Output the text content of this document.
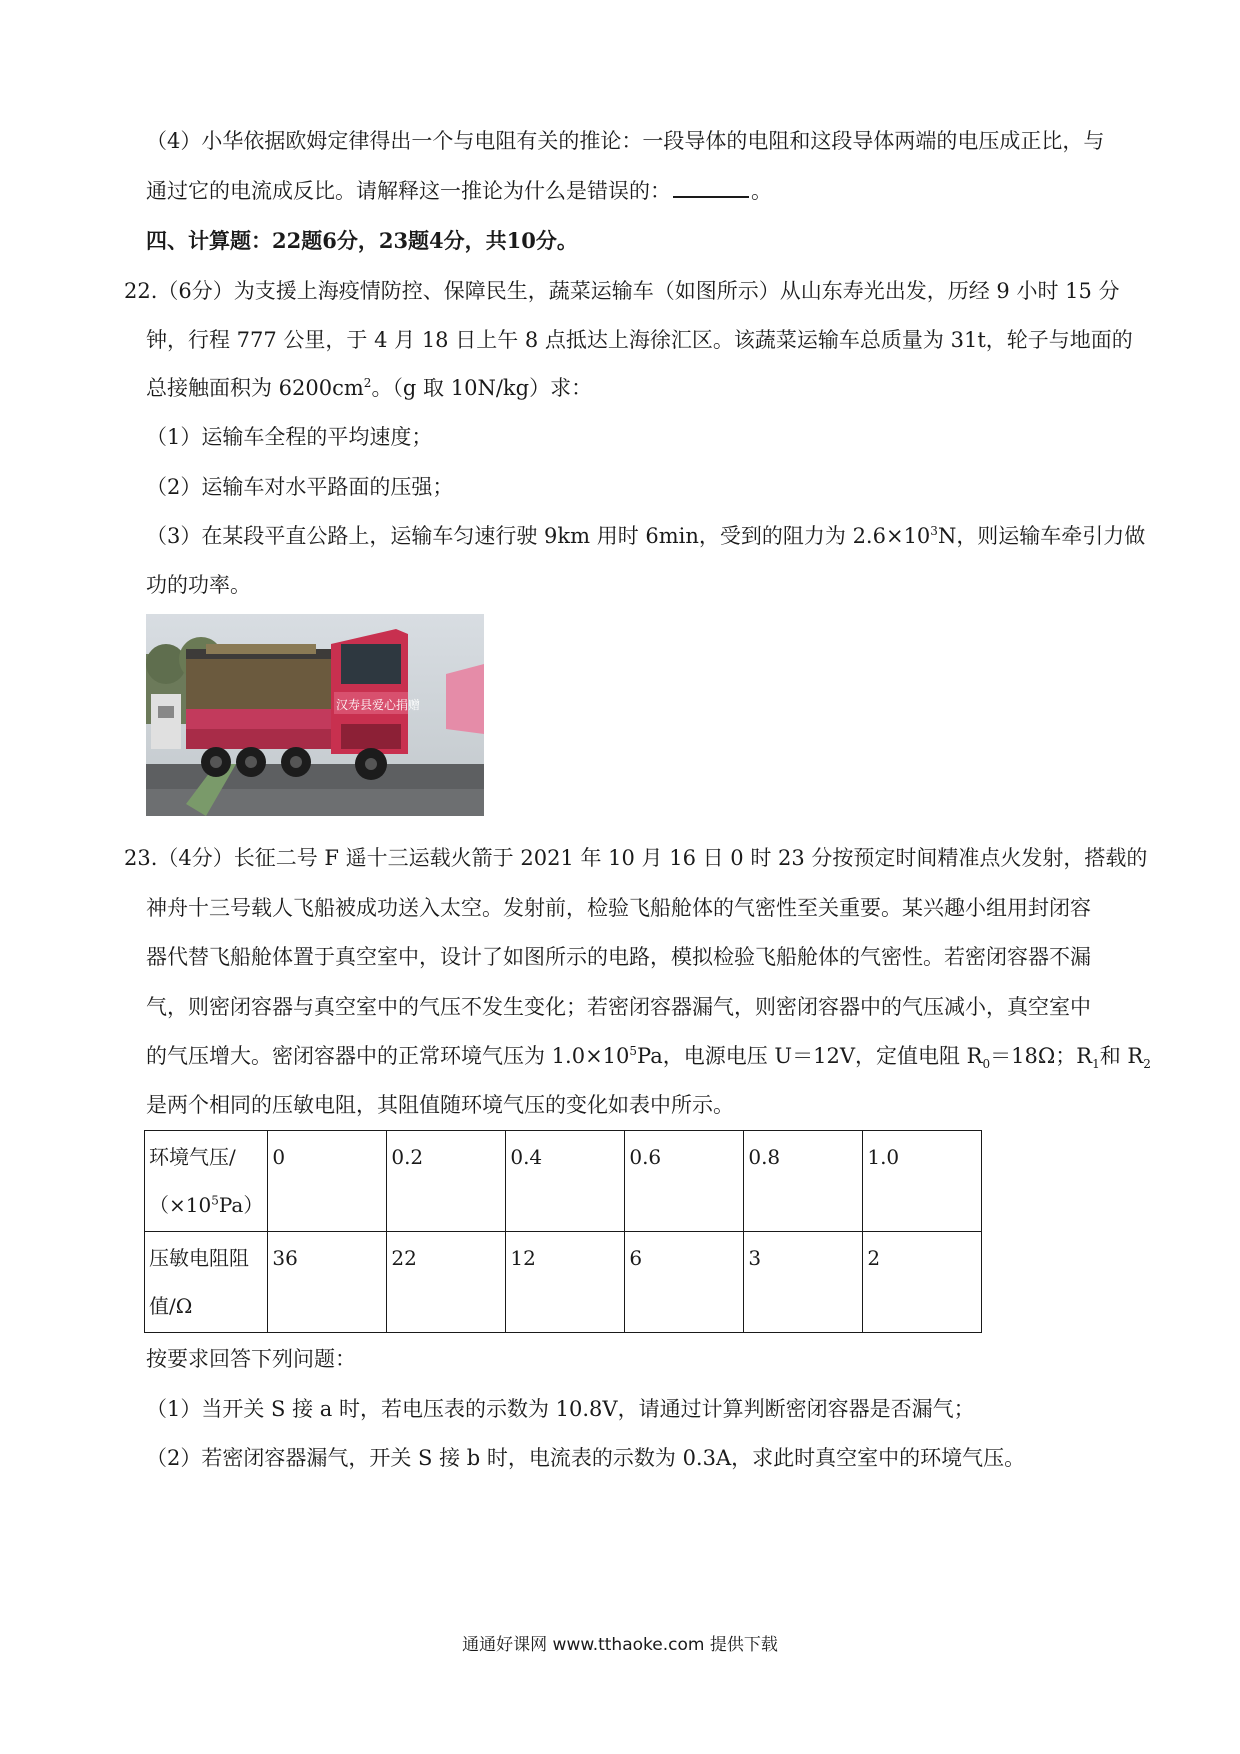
（4）小华依据欧姆定律得出一个与电阻有关的推论：一段导体的电阻和这段导体两端的电压成正比，与
通过它的电流成反比。请解释这一推论为什么是错误的：	。
四、计算题：22题6分，23题4分，共10分。
22.（6分）为支援上海疫情防控、保障民生，蔬菜运输车（如图所示）从山东寿光出发，历经 9 小时 15 分
钟，行程 777 公里，于 4 月 18 日上午 8 点抵达上海徐汇区。该蔬菜运输车总质量为 31t，轮子与地面的
总接触面积为 $6200cm^2$。（g 取 10N/kg）求：
（1）运输车全程的平均速度；
（2）运输车对水平路面的压强；
（3）在某段平直公路上，运输车匀速行驶 9km 用时 6min，受到的阻力为 $2.6\times 10^3N$，则运输车牵引力做
功的功率。
汉寿县爱心捐赠
23.（4分）长征二号 F 遥十三运载火箭于 2021 年 10 月 16 日 0 时 23 分按预定时间精准点火发射，搭载的
神舟十三号载人飞船被成功送入太空。发射前，检验飞船舱体的气密性至关重要。某兴趣小组用封闭容
器代替飞船舱体置于真空室中，设计了如图所示的电路，模拟检验飞船舱体的气密性。若密闭容器不漏
气，则密闭容器与真空室中的气压不发生变化；若密闭容器漏气，则密闭容器中的气压减小，真空室中
的气压增大。密闭容器中的正常环境气压为 $1.0\times 10^5Pa$，电源电压 U＝12V，定值电阻 $R_0=18\Omega$；$R_1$和 $R_2$
是两个相同的压敏电阻，其阻值随环境气压的变化如表中所示。
环境气压/
$(\times 10^5Pa)$	0	0.2	0.4	0.6	0.8	1.0

压敏电阻阻
值/Ω	36	22	12	6	3	2
按要求回答下列问题：
（1）当开关 S 接 a 时，若电压表的示数为 10.8V，请通过计算判断密闭容器是否漏气；
（2）若密闭容器漏气，开关 S 接 b 时，电流表的示数为 0.3A，求此时真空室中的环境气压。
通通好课网 www.tthaoke.com 提供下载
